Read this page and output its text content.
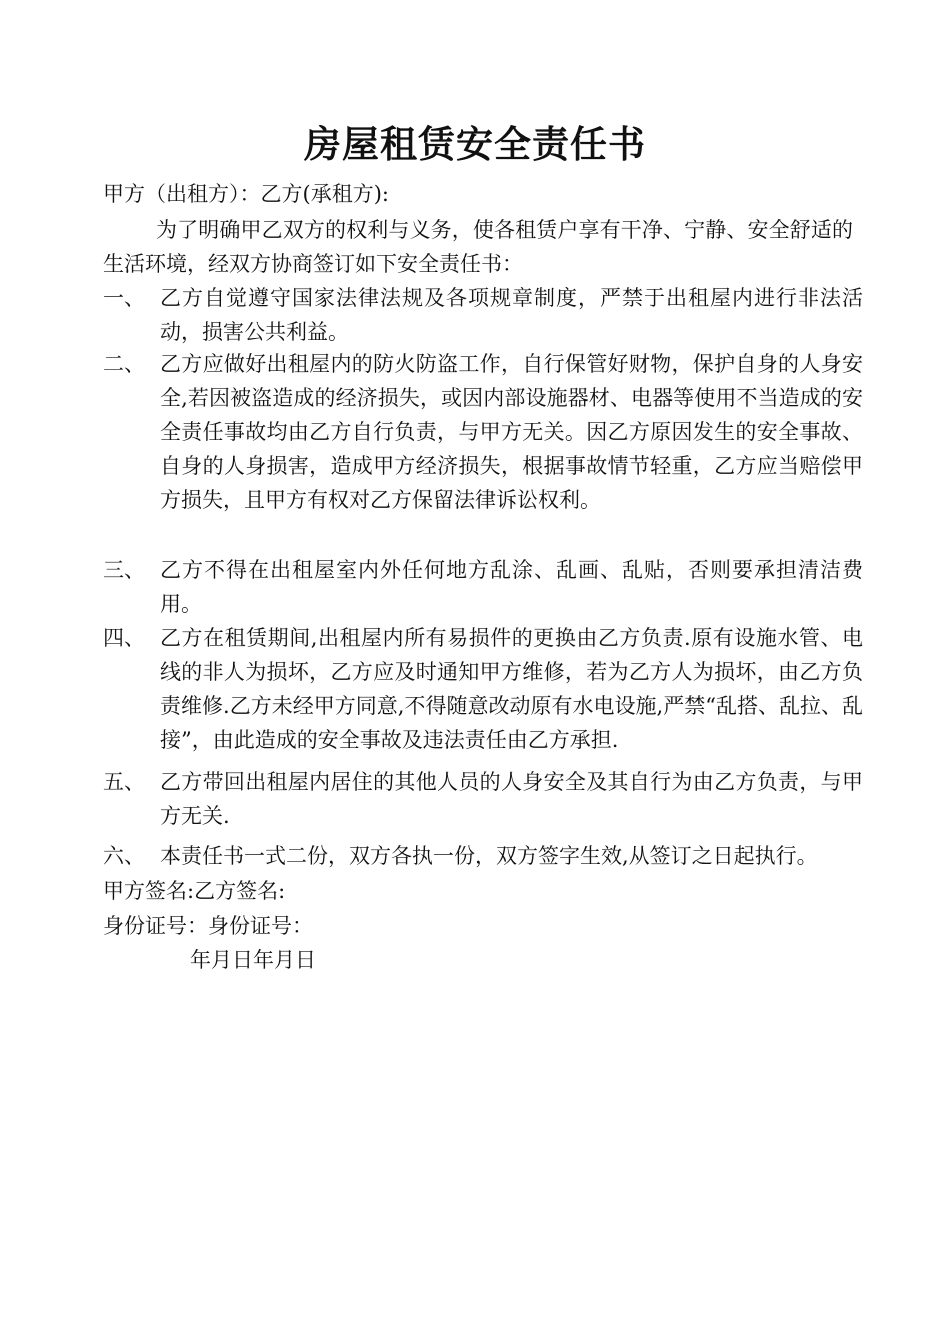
房屋租赁安全责任书
甲方（出租方）：乙方(承租方):
为了明确甲乙双方的权利与义务，使各租赁户享有干净、宁静、安全舒适的生活环境，经双方协商签订如下安全责任书：
一、 乙方自觉遵守国家法律法规及各项规章制度，严禁于出租屋内进行非法活动，损害公共利益。
二、 乙方应做好出租屋内的防火防盗工作，自行保管好财物，保护自身的人身安全,若因被盗造成的经济损失，或因内部设施器材、电器等使用不当造成的安全责任事故均由乙方自行负责，与甲方无关。因乙方原因发生的安全事故、自身的人身损害，造成甲方经济损失，根据事故情节轻重，乙方应当赔偿甲方损失，且甲方有权对乙方保留法律诉讼权利。
三、 乙方不得在出租屋室内外任何地方乱涂、乱画、乱贴，否则要承担清洁费用。
四、 乙方在租赁期间,出租屋内所有易损件的更换由乙方负责.原有设施水管、电线的非人为损坏，乙方应及时通知甲方维修，若为乙方人为损坏，由乙方负责维修.乙方未经甲方同意,不得随意改动原有水电设施,严禁“乱搭、乱拉、乱接”，由此造成的安全事故及违法责任由乙方承担.
五、 乙方带回出租屋内居住的其他人员的人身安全及其自行为由乙方负责，与甲方无关.
六、 本责任书一式二份，双方各执一份，双方签字生效,从签订之日起执行。
甲方签名:乙方签名:
身份证号：身份证号：
年月日年月日
